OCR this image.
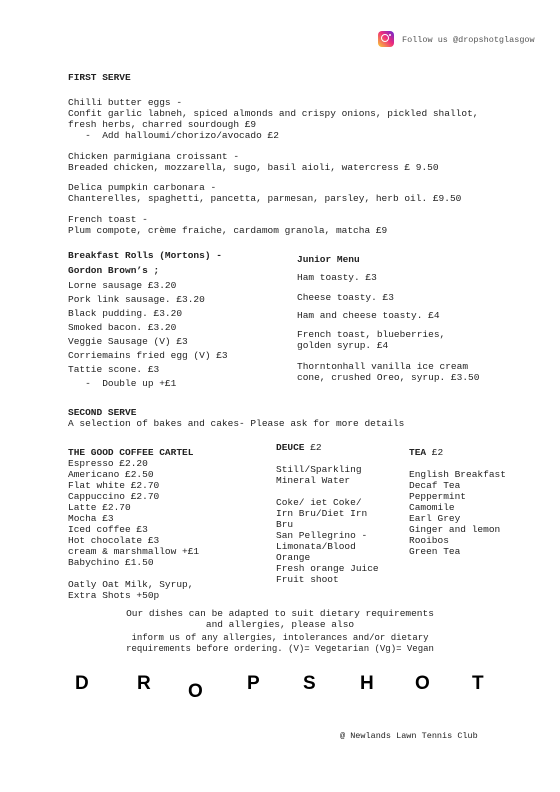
Follow us @dropshotglasgow
FIRST SERVE
Chilli butter eggs -
Confit garlic labneh, spiced almonds and crispy onions, pickled shallot,
fresh herbs, charred sourdough £9
-  Add halloumi/chorizo/avocado £2
Chicken parmigiana croissant -
Breaded chicken, mozzarella, sugo, basil aioli, watercress £ 9.50
Delica pumpkin carbonara -
Chanterelles, spaghetti, pancetta, parmesan, parsley, herb oil. £9.50
French toast -
Plum compote, crème fraiche, cardamom granola, matcha £9
Breakfast Rolls (Mortons) -
Gordon Brown’s ;
Lorne sausage £3.20
Pork link sausage. £3.20
Black pudding. £3.20
Smoked bacon. £3.20
Veggie Sausage (V) £3
Corriemains fried egg (V) £3
Tattie scone. £3
-  Double up +£1
Junior Menu
Ham toasty. £3
Cheese toasty. £3
Ham and cheese toasty. £4
French toast, blueberries,
golden syrup. £4
Thorntonhall vanilla ice cream
cone, crushed Oreo, syrup. £3.50
SECOND SERVE
A selection of bakes and cakes- Please ask for more details
THE GOOD COFFEE CARTEL
Espresso £2.20
Americano £2.50
Flat white £2.70
Cappuccino £2.70
Latte £2.70
Mocha £3
Iced coffee £3
Hot chocolate £3
cream & marshmallow +£1
Babychino £1.50
Oatly Oat Milk, Syrup,
Extra Shots +50p
DEUCE £2
Still/Sparkling
Mineral Water
Coke/ iet Coke/
Irn Bru/Diet Irn
Bru
San Pellegrino -
Limonata/Blood
Orange
Fresh orange Juice
Fruit shoot
TEA £2
English Breakfast
Decaf Tea
Peppermint
Camomile
Earl Grey
Ginger and lemon
Rooibos
Green Tea
Our dishes can be adapted to suit dietary requirements
and allergies, please also
inform us of any allergies, intolerances and/or dietary
requirements before ordering. (V)= Vegetarian (Vg)= Vegan
D	R O P S H O T
@ Newlands Lawn Tennis Club
